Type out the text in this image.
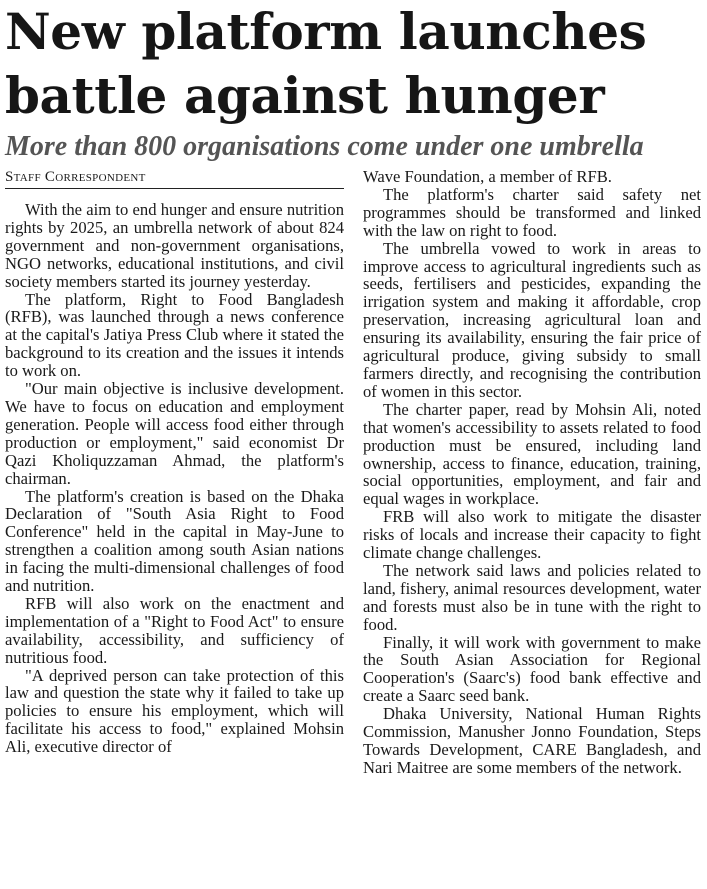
New platform launches
battle against hunger
More than 800 organisations come under one umbrella
Staff Correspondent

With the aim to end hunger and ensure nutrition rights by 2025, an umbrella network of about 824 government and non-government organisations, NGO networks, educational institutions, and civil society members started its journey yesterday.

The platform, Right to Food Bangladesh (RFB), was launched through a news conference at the capital's Jatiya Press Club where it stated the background to its creation and the issues it intends to work on.

"Our main objective is inclusive development. We have to focus on education and employment generation. People will access food either through production or employment," said economist Dr Qazi Kholiquzzaman Ahmad, the platform's chairman.

The platform's creation is based on the Dhaka Declaration of "South Asia Right to Food Conference" held in the capital in May-June to strengthen a coalition among south Asian nations in facing the multi-dimensional challenges of food and nutrition.

RFB will also work on the enactment and implementation of a "Right to Food Act" to ensure availability, accessibility, and sufficiency of nutritious food.

"A deprived person can take protection of this law and question the state why it failed to take up policies to ensure his employment, which will facilitate his access to food," explained Mohsin Ali, executive director of

Wave Foundation, a member of RFB.

The platform's charter said safety net programmes should be transformed and linked with the law on right to food.

The umbrella vowed to work in areas to improve access to agricultural ingredients such as seeds, fertilisers and pesticides, expanding the irrigation system and making it affordable, crop preservation, increasing agricultural loan and ensuring its availability, ensuring the fair price of agricultural produce, giving subsidy to small farmers directly, and recognising the contribution of women in this sector.

The charter paper, read by Mohsin Ali, noted that women's accessibility to assets related to food production must be ensured, including land ownership, access to finance, education, training, social opportunities, employment, and fair and equal wages in workplace.

FRB will also work to mitigate the disaster risks of locals and increase their capacity to fight climate change challenges.

The network said laws and policies related to land, fishery, animal resources development, water and forests must also be in tune with the right to food.

Finally, it will work with government to make the South Asian Association for Regional Cooperation's (Saarc's) food bank effective and create a Saarc seed bank.

Dhaka University, National Human Rights Commission, Manusher Jonno Foundation, Steps Towards Development, CARE Bangladesh, and Nari Maitree are some members of the network.
